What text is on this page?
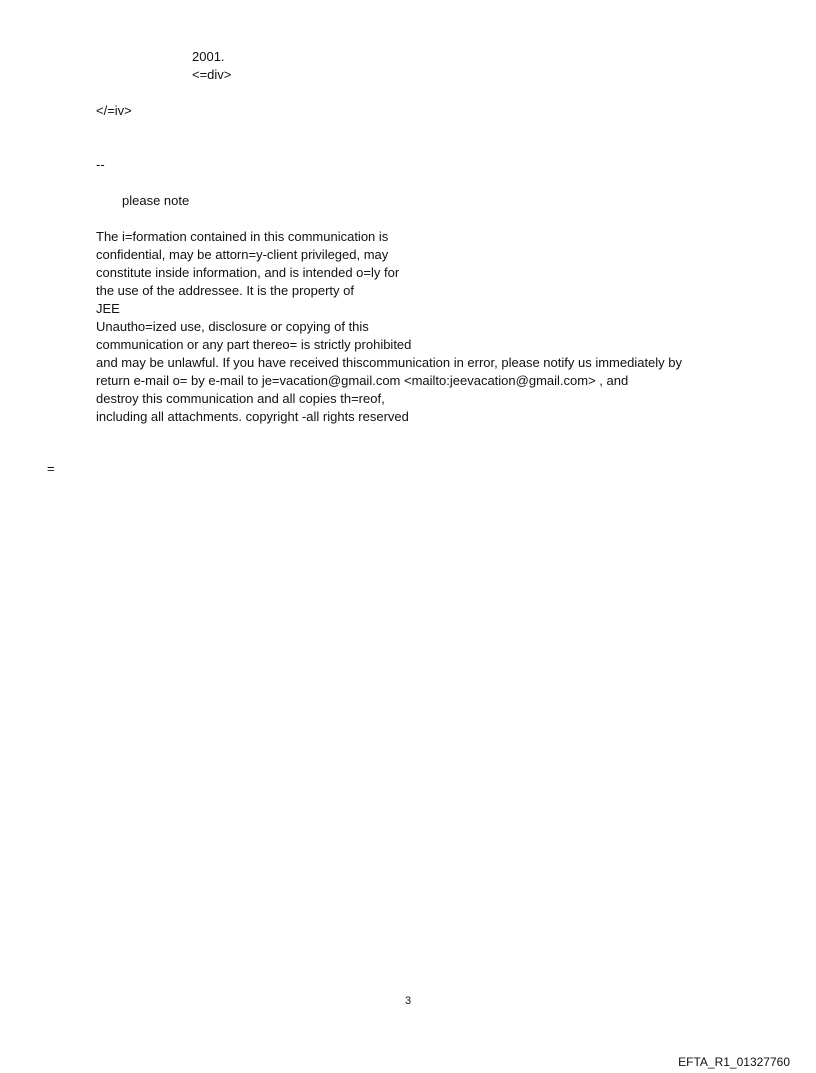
2001.
<=div>
</=iv>
--
please note
The i=formation contained in this communication is
confidential, may be attorn=y-client privileged, may
constitute inside information, and is intended o=ly for
the use of the addressee. It is the property of
JEE
Unautho=ized use, disclosure or copying of this
communication or any part thereo= is strictly prohibited
and may be unlawful. If you have received thiscommunication in error, please notify us immediately by
return e-mail o= by e-mail to je=vacation@gmail.com <mailto:jeevacation@gmail.com> , and
destroy this communication and all copies th=reof,
including all attachments. copyright -all rights reserved
=
3
EFTA_R1_01327760
